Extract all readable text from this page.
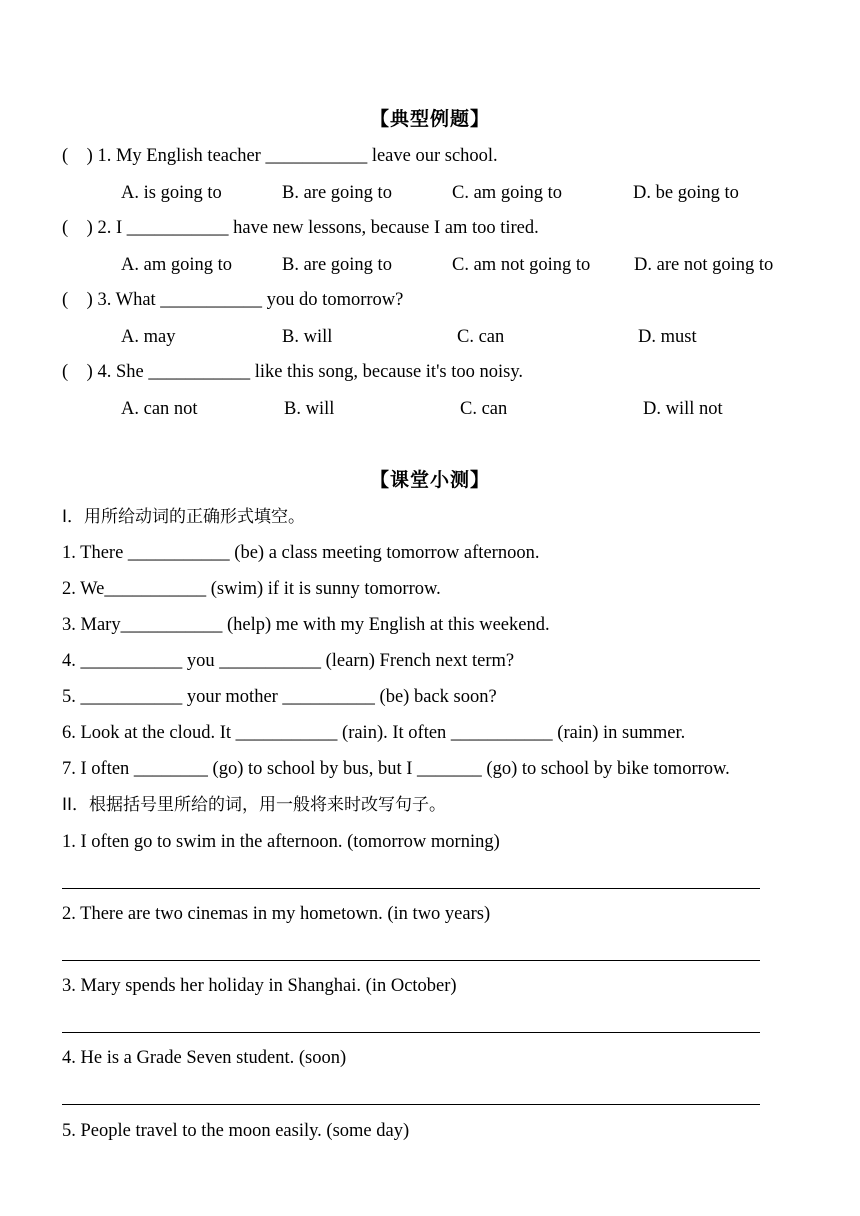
【典型例题】
(    ) 1. My English teacher ___________ leave our school.
A. is going to	B. are going to	C. am going to	D. be going to
(    ) 2. I ___________ have new lessons, because I am too tired.
A. am going to	B. are going to	C. am not going to D. are not going to
(    ) 3. What ___________ you do tomorrow?
A. may	B. will	C. can	D. must
(    ) 4. She ___________ like this song, because it's too noisy.
A. can not	B. will	C. can	D. will not
【课堂小测】
I．用所给动词的正确形式填空。
1. There ___________ (be) a class meeting tomorrow afternoon.
2. We___________ (swim) if it is sunny tomorrow.
3. Mary___________ (help) me with my English at this weekend.
4. ___________ you ___________ (learn) French next term?
5. ___________ your mother __________ (be) back soon?
6. Look at the cloud. It ___________ (rain). It often ___________ (rain) in summer.
7. I often ________ (go) to school by bus, but I _______ (go) to school by bike tomorrow.
II．根据括号里所给的词，用一般将来时改写句子。
1. I often go to swim in the afternoon. (tomorrow morning)
2. There are two cinemas in my hometown. (in two years)
3. Mary spends her holiday in Shanghai. (in October)
4. He is a Grade Seven student. (soon)
5. People travel to the moon easily. (some day)
